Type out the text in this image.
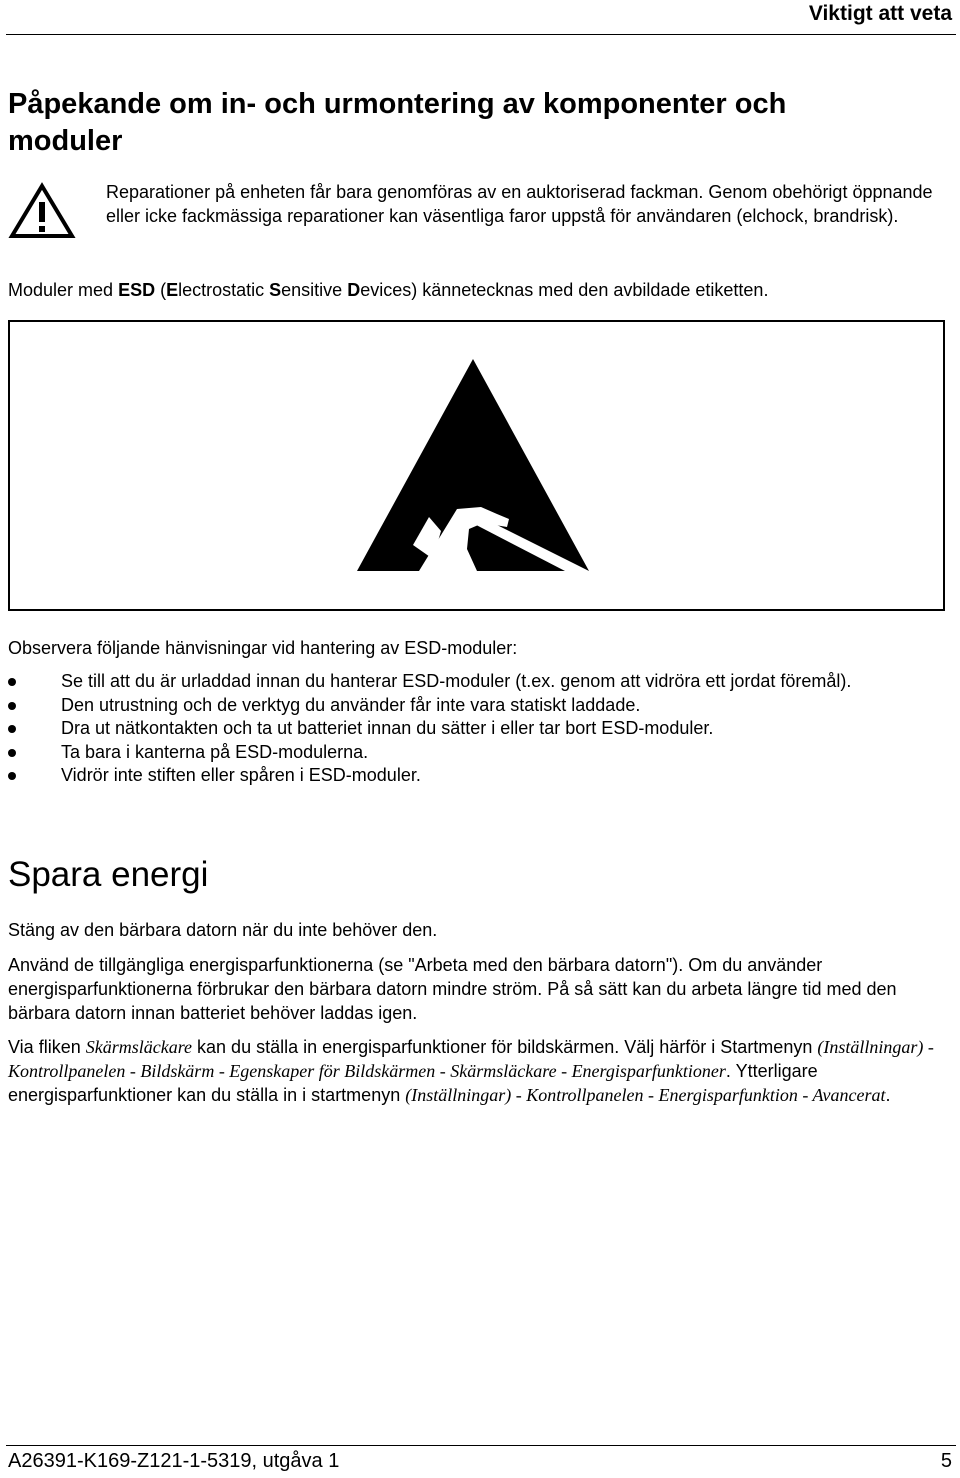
Viktigt att veta
Påpekande om in- och urmontering av komponenter och moduler

Reparationer på enheten får bara genomföras av en auktoriserad fackman. Genom obehörigt öppnande eller icke fackmässiga reparationer kan väsentliga faror uppstå för användaren (elchock, brandrisk).

Moduler med ESD (Electrostatic Sensitive Devices) kännetecknas med den avbildade etiketten.

Observera följande hänvisningar vid hantering av ESD-moduler:

Se till att du är urladdad innan du hanterar ESD-moduler (t.ex. genom att vidröra ett jordat föremål).
Den utrustning och de verktyg du använder får inte vara statiskt laddade.
Dra ut nätkontakten och ta ut batteriet innan du sätter i eller tar bort ESD-moduler.
Ta bara i kanterna på ESD-modulerna.
Vidrör inte stiften eller spåren i ESD-moduler.
Spara energi

Stäng av den bärbara datorn när du inte behöver den.

Använd de tillgängliga energisparfunktionerna (se "Arbeta med den bärbara datorn"). Om du använder energisparfunktionerna förbrukar den bärbara datorn mindre ström. På så sätt kan du arbeta längre tid med den bärbara datorn innan batteriet behöver laddas igen.

Via fliken Skärmsläckare kan du ställa in energisparfunktioner för bildskärmen. Välj härför i Startmenyn (Inställningar) - Kontrollpanelen - Bildskärm - Egenskaper för Bildskärmen - Skärmsläckare - Energisparfunktioner. Ytterligare energisparfunktioner kan du ställa in i startmenyn (Inställningar) - Kontrollpanelen - Energisparfunktion - Avancerat.

A26391-K169-Z121-1-5319, utgåva 1	5
